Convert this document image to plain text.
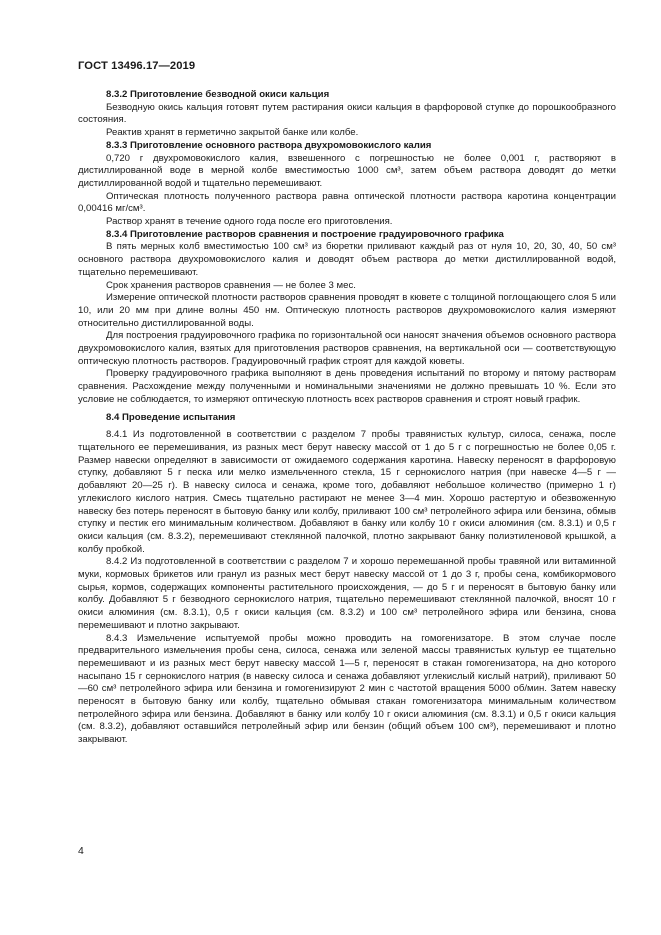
ГОСТ 13496.17—2019

8.3.2 Приготовление безводной окиси кальция

Безводную окись кальция готовят путем растирания окиси кальция в фарфоровой ступке до порошкообразного состояния.

Реактив хранят в герметично закрытой банке или колбе.

8.3.3 Приготовление основного раствора двухромовокислого калия

0,720 г двухромовокислого калия, взвешенного с погрешностью не более 0,001 г, растворяют в дистиллированной воде в мерной колбе вместимостью 1000 см³, затем объем раствора доводят до метки дистиллированной водой и тщательно перемешивают.

Оптическая плотность полученного раствора равна оптической плотности раствора каротина концентрации 0,00416 мг/см³.

Раствор хранят в течение одного года после его приготовления.

8.3.4 Приготовление растворов сравнения и построение градуировочного графика

В пять мерных колб вместимостью 100 см³ из бюретки приливают каждый раз от нуля 10, 20, 30, 40, 50 см³ основного раствора двухромовокислого калия и доводят объем раствора до метки дистиллированной водой, тщательно перемешивают.

Срок хранения растворов сравнения — не более 3 мес.

Измерение оптической плотности растворов сравнения проводят в кювете с толщиной поглощающего слоя 5 или 10, или 20 мм при длине волны 450 нм. Оптическую плотность растворов двухромовокислого калия измеряют относительно дистиллированной воды.

Для построения градуировочного графика по горизонтальной оси наносят значения объемов основного раствора двухромовокислого калия, взятых для приготовления растворов сравнения, на вертикальной оси — соответствующую оптическую плотность растворов. Градуировочный график строят для каждой кюветы.

Проверку градуировочного графика выполняют в день проведения испытаний по второму и пятому растворам сравнения. Расхождение между полученными и номинальными значениями не должно превышать 10 %. Если это условие не соблюдается, то измеряют оптическую плотность всех растворов сравнения и строят новый график.

8.4 Проведение испытания

8.4.1 Из подготовленной в соответствии с разделом 7 пробы травянистых культур, силоса, сенажа, после тщательного ее перемешивания, из разных мест берут навеску массой от 1 до 5 г с погрешностью не более 0,05 г. Размер навески определяют в зависимости от ожидаемого содержания каротина. Навеску переносят в фарфоровую ступку, добавляют 5 г песка или мелко измельченного стекла, 15 г сернокислого натрия (при навеске 4—5 г — добавляют 20—25 г). В навеску силоса и сенажа, кроме того, добавляют небольшое количество (примерно 1 г) углекислого кислого натрия. Смесь тщательно растирают не менее 3—4 мин. Хорошо растертую и обезвоженную навеску без потерь переносят в бытовую банку или колбу, приливают 100 см³ петролейного эфира или бензина, обмыв ступку и пестик его минимальным количеством. Добавляют в банку или колбу 10 г окиси алюминия (см. 8.3.1) и 0,5 г окиси кальция (см. 8.3.2), перемешивают стеклянной палочкой, плотно закрывают банку полиэтиленовой крышкой, а колбу пробкой.

8.4.2 Из подготовленной в соответствии с разделом 7 и хорошо перемешанной пробы травяной или витаминной муки, кормовых брикетов или гранул из разных мест берут навеску массой от 1 до 3 г, пробы сена, комбикормового сырья, кормов, содержащих компоненты растительного происхождения, — до 5 г и переносят в бытовую банку или колбу. Добавляют 5 г безводного сернокислого натрия, тщательно перемешивают стеклянной палочкой, вносят 10 г окиси алюминия (см. 8.3.1), 0,5 г окиси кальция (см. 8.3.2) и 100 см³ петролейного эфира или бензина, снова перемешивают и плотно закрывают.

8.4.3 Измельчение испытуемой пробы можно проводить на гомогенизаторе. В этом случае после предварительного измельчения пробы сена, силоса, сенажа или зеленой массы травянистых культур ее тщательно перемешивают и из разных мест берут навеску массой 1—5 г, переносят в стакан гомогенизатора, на дно которого насыпано 15 г сернокислого натрия (в навеску силоса и сенажа добавляют углекислый кислый натрий), приливают 50—60 см³ петролейного эфира или бензина и гомогенизируют 2 мин с частотой вращения 5000 об/мин. Затем навеску переносят в бытовую банку или колбу, тщательно обмывая стакан гомогенизатора минимальным количеством петролейного эфира или бензина. Добавляют в банку или колбу 10 г окиси алюминия (см. 8.3.1) и 0,5 г окиси кальция (см. 8.3.2), добавляют оставшийся петролейный эфир или бензин (общий объем 100 см³), перемешивают и плотно закрывают.

4
